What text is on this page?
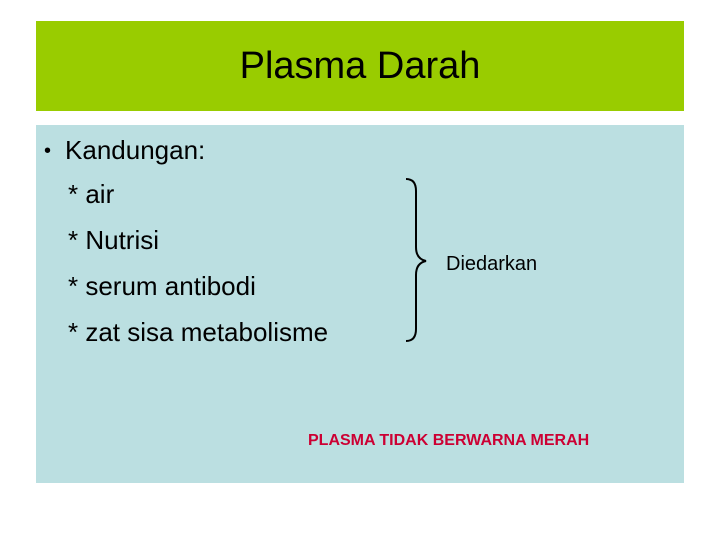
Plasma Darah
• Kandungan:
* air
* Nutrisi
* serum antibodi
* zat sisa metabolisme
Diedarkan
PLASMA TIDAK BERWARNA MERAH
